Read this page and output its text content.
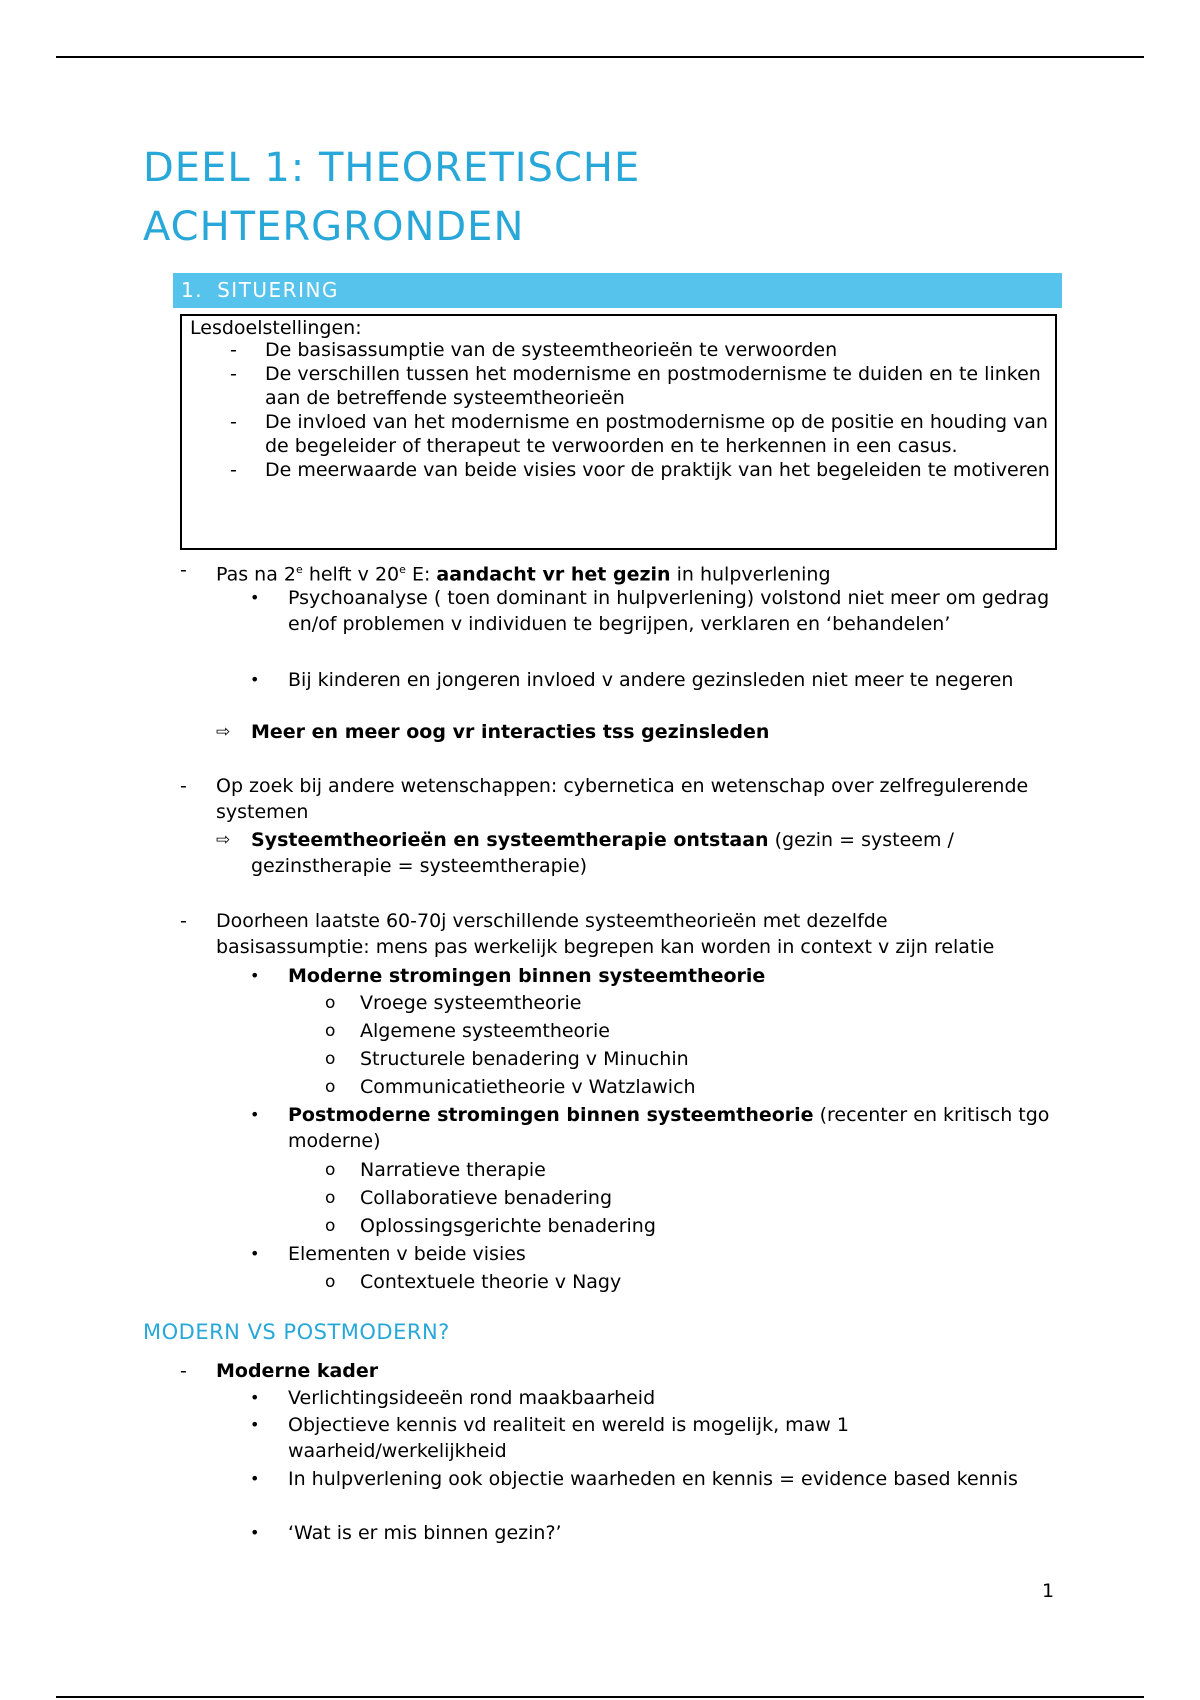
DEEL 1: THEORETISCHE
ACHTERGRONDEN
1. SITUERING
Lesdoelstellingen:
- De basisassumptie van de systeemtheorieën te verwoorden
- De verschillen tussen het modernisme en postmodernisme te duiden en te linken aan de betreffende systeemtheorieën
- De invloed van het modernisme en postmodernisme op de positie en houding van de begeleider of therapeut te verwoorden en te herkennen in een casus.
- De meerwaarde van beide visies voor de praktijk van het begeleiden te motiveren
- Pas na 2e helft v 20e E: aandacht vr het gezin in hulpverlening
• Psychoanalyse ( toen dominant in hulpverlening) volstond niet meer om gedrag en/of problemen v individuen te begrijpen, verklaren en ‘behandelen’
• Bij kinderen en jongeren invloed v andere gezinsleden niet meer te negeren
⇨ Meer en meer oog vr interacties tss gezinsleden
- Op zoek bij andere wetenschappen: cybernetica en wetenschap over zelfregulerende systemen
⇨ Systeemtheorieën en systeemtherapie ontstaan (gezin = systeem / gezinstherapie = systeemtherapie)
- Doorheen laatste 60-70j verschillende systeemtheorieën met dezelfde basisassumptie: mens pas werkelijk begrepen kan worden in context v zijn relatie
• Moderne stromingen binnen systeemtheorie
o Vroege systeemtheorie
o Algemene systeemtheorie
o Structurele benadering v Minuchin
o Communicatietheorie v Watzlawich
• Postmoderne stromingen binnen systeemtheorie (recenter en kritisch tgo moderne)
o Narratieve therapie
o Collaboratieve benadering
o Oplossingsgerichte benadering
• Elementen v beide visies
o Contextuele theorie v Nagy
MODERN VS POSTMODERN?
- Moderne kader
• Verlichtingsideeën rond maakbaarheid
• Objectieve kennis vd realiteit en wereld is mogelijk, maw 1 waarheid/werkelijkheid
• In hulpverlening ook objectie waarheden en kennis = evidence based kennis
• ‘Wat is er mis binnen gezin?’
1
